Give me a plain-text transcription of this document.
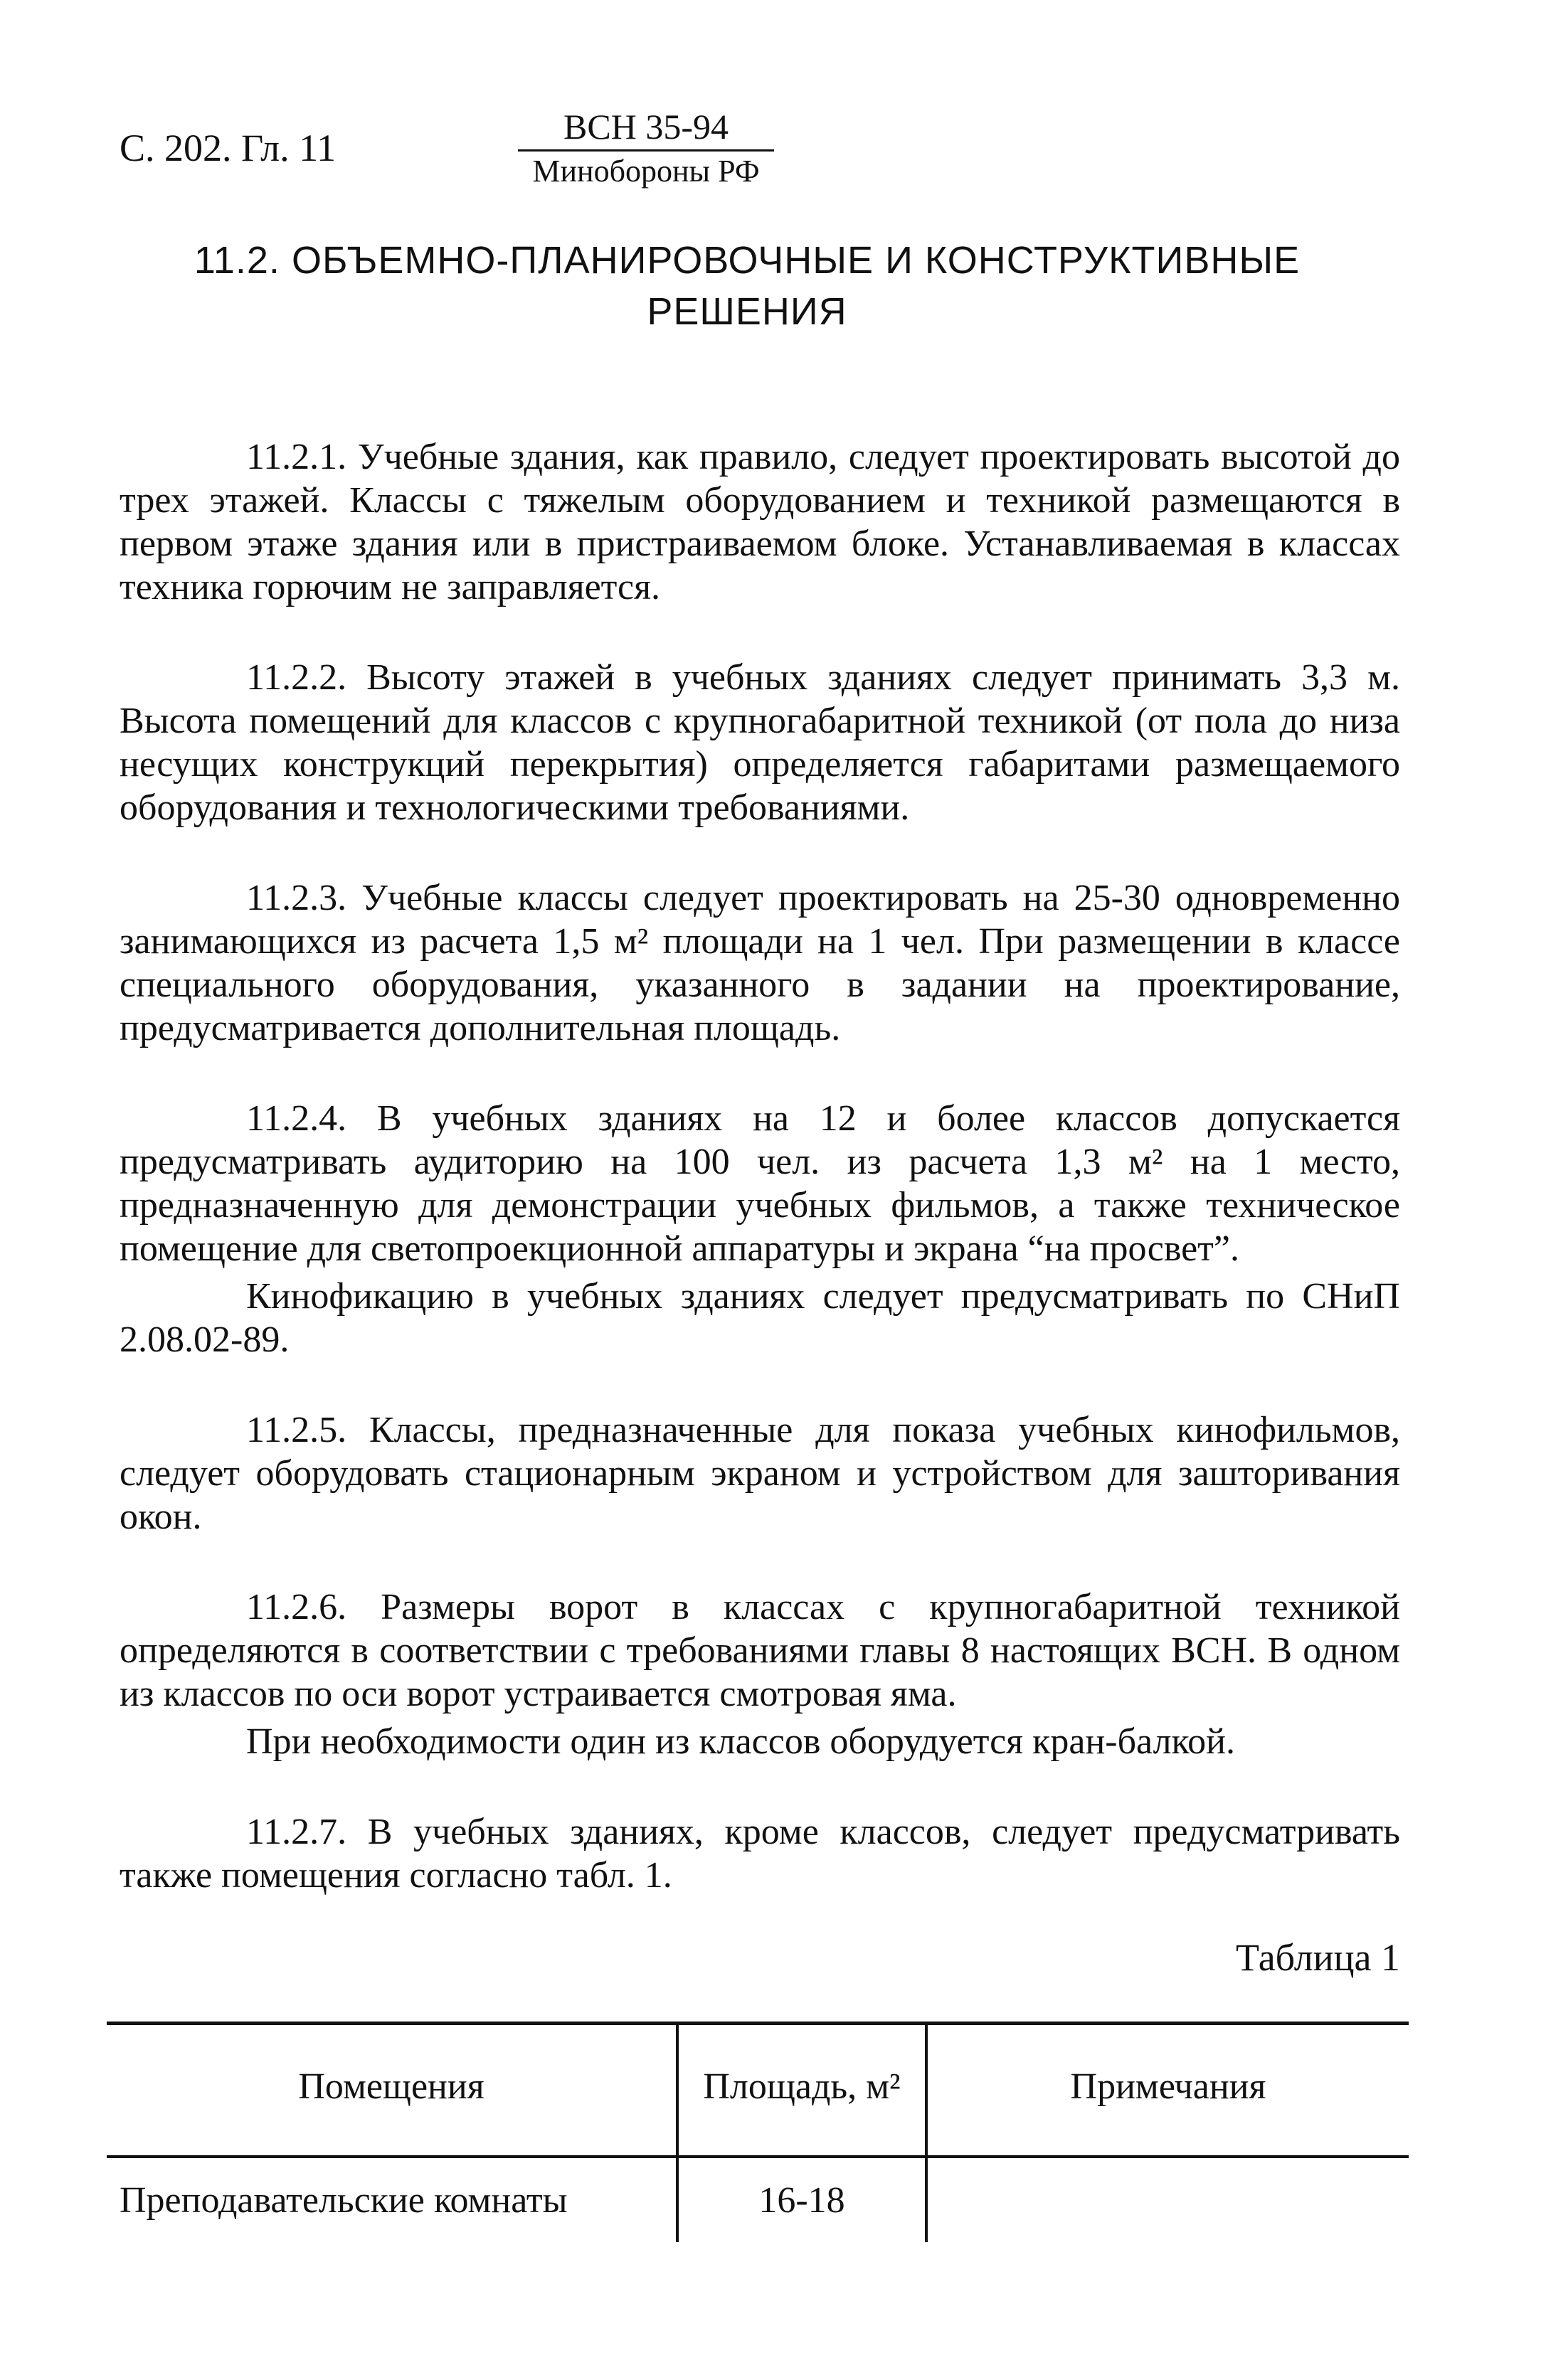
С. 202. Гл. 11	ВСН 35-94
Минобороны РФ
11.2. ОБЪЕМНО-ПЛАНИРОВОЧНЫЕ И КОНСТРУКТИВНЫЕ
РЕШЕНИЯ

11.2.1. Учебные здания, как правило, следует проектировать высотой до трех этажей. Классы с тяжелым оборудованием и техникой размещаются в первом этаже здания или в пристраиваемом блоке. Устанавливаемая в классах техника горючим не заправляется.

11.2.2. Высоту этажей в учебных зданиях следует принимать 3,3 м. Высота помещений для классов с крупногабаритной техникой (от пола до низа несущих конструкций перекрытия) определяется габаритами размещаемого оборудования и технологическими требованиями.

11.2.3. Учебные классы следует проектировать на 25-30 одновременно занимающихся из расчета 1,5 м² площади на 1 чел. При размещении в классе специального оборудования, указанного в задании на проектирование, предусматривается дополнительная площадь.

11.2.4. В учебных зданиях на 12 и более классов допускается предусматривать аудиторию на 100 чел. из расчета 1,3 м² на 1 место, предназначенную для демонстрации учебных фильмов, а также техническое помещение для светопроекционной аппаратуры и экрана “на просвет”.

Кинофикацию в учебных зданиях следует предусматривать по СНиП 2.08.02-89.

11.2.5. Классы, предназначенные для показа учебных кинофильмов, следует оборудовать стационарным экраном и устройством для зашторивания окон.

11.2.6. Размеры ворот в классах с крупногабаритной техникой определяются в соответствии с требованиями главы 8 настоящих ВСН. В одном из классов по оси ворот устраивается смотровая яма.

При необходимости один из классов оборудуется кран-балкой.

11.2.7. В учебных зданиях, кроме классов, следует предусматривать также помещения согласно табл. 1.

Таблица 1
Помещения	Площадь, м²	Примечания
Преподавательские комнаты	16-18
